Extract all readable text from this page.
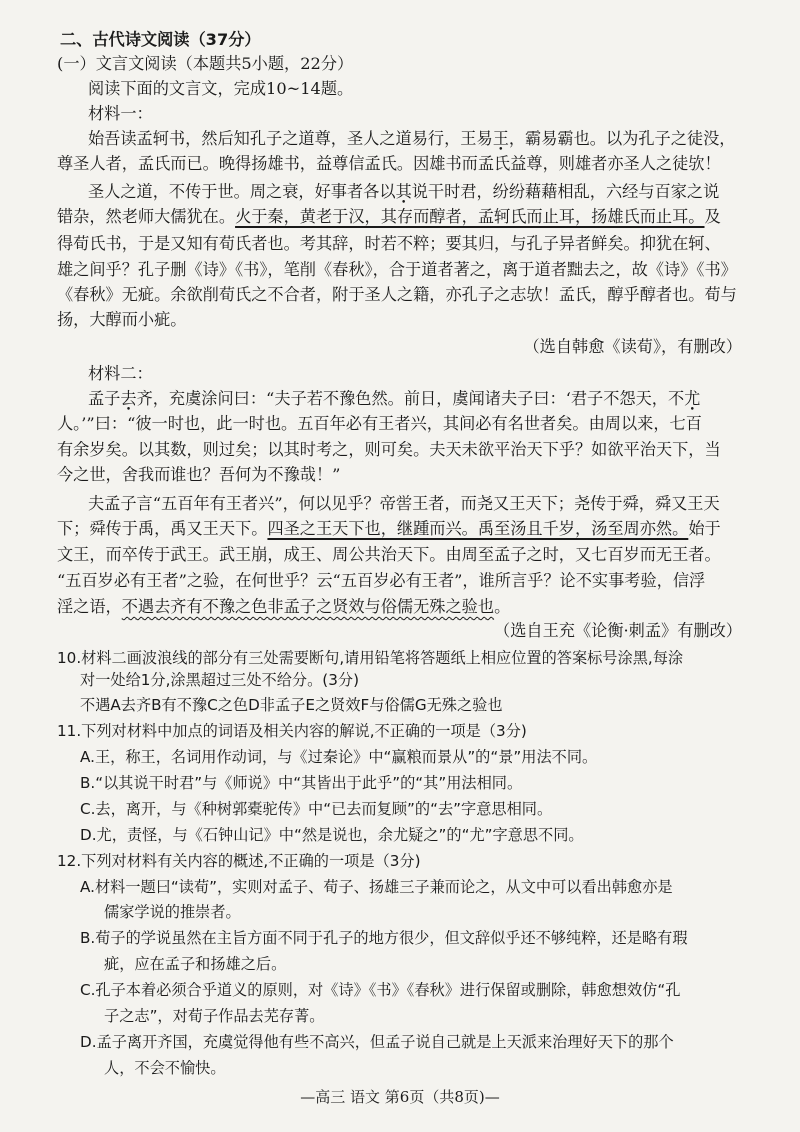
二、古代诗文阅读（37分）
(一）文言文阅读（本题共5小题，22分）
阅读下面的文言文，完成10~14题。
材料一：
始吾读孟轲书，然后知孔子之道尊，圣人之道易行，王易王，霸易霸也。以为孔子之徒没，
尊圣人者，孟氏而已。晚得扬雄书，益尊信孟氏。因雄书而孟氏益尊，则雄者亦圣人之徒欤！
圣人之道，不传于世。周之衰，好事者各以其说干时君，纷纷藉藉相乱，六经与百家之说
错杂，然老师大儒犹在。火于秦，黄老于汉，其存而醇者，孟轲氏而止耳，扬雄氏而止耳。及
得荀氏书，于是又知有荀氏者也。考其辞，时若不粹；要其归，与孔子异者鲜矣。抑犹在轲、
雄之间乎？孔子删《诗》《书》，笔削《春秋》，合于道者著之，离于道者黜去之，故《诗》《书》
《春秋》无疵。余欲削荀氏之不合者，附于圣人之籍，亦孔子之志欤！孟氏，醇乎醇者也。荀与
扬，大醇而小疵。
（选自韩愈《读荀》，有删改）
材料二：
孟子去齐，充虞涂问曰：“夫子若不豫色然。前日，虞闻诸夫子曰：‘君子不怨天，不尤
人。’”曰：“彼一时也，此一时也。五百年必有王者兴，其间必有名世者矣。由周以来，七百
有余岁矣。以其数，则过矣；以其时考之，则可矣。夫天未欲平治天下乎？如欲平治天下，当
今之世，舍我而谁也？吾何为不豫哉！”
夫孟子言“五百年有王者兴”，何以见乎？帝喾王者，而尧又王天下；尧传于舜，舜又王天
下；舜传于禹，禹又王天下。四圣之王天下也，继踵而兴。禹至汤且千岁，汤至周亦然。始于
文王，而卒传于武王。武王崩，成王、周公共治天下。由周至孟子之时，又七百岁而无王者。
“五百岁必有王者”之验，在何世乎？云“五百岁必有王者”，谁所言乎？论不实事考验，信浮
淫之语，不遇去齐有不豫之色非孟子之贤效与俗儒无殊之验也。
（选自王充《论衡·刺孟》有删改）
10.材料二画波浪线的部分有三处需要断句,请用铅笔将答题纸上相应位置的答案标号涂黑,每涂
对一处给1分,涂黑超过三处不给分。(3分)
不遇A去齐B有不豫C之色D非孟子E之贤效F与俗儒G无殊之验也
11.下列对材料中加点的词语及相关内容的解说,不正确的一项是（3分)
A.王，称王，名词用作动词，与《过秦论》中“赢粮而景从”的“景”用法不同。
B.“以其说干时君”与《师说》中“其皆出于此乎”的“其”用法相同。
C.去，离开，与《种树郭橐驼传》中“已去而复顾”的“去”字意思相同。
D.尤，责怪，与《石钟山记》中“然是说也，余尤疑之”的“尤”字意思不同。
12.下列对材料有关内容的概述,不正确的一项是（3分)
A.材料一题曰“读荀”，实则对孟子、荀子、扬雄三子兼而论之，从文中可以看出韩愈亦是
儒家学说的推崇者。
B.荀子的学说虽然在主旨方面不同于孔子的地方很少，但文辞似乎还不够纯粹，还是略有瑕
疵，应在孟子和扬雄之后。
C.孔子本着必须合乎道义的原则，对《诗》《书》《春秋》进行保留或删除，韩愈想效仿“孔
子之志”，对荀子作品去芜存菁。
D.孟子离开齐国，充虞觉得他有些不高兴，但孟子说自己就是上天派来治理好天下的那个
人，不会不愉快。
—高三 语文 第6页（共8页)—
